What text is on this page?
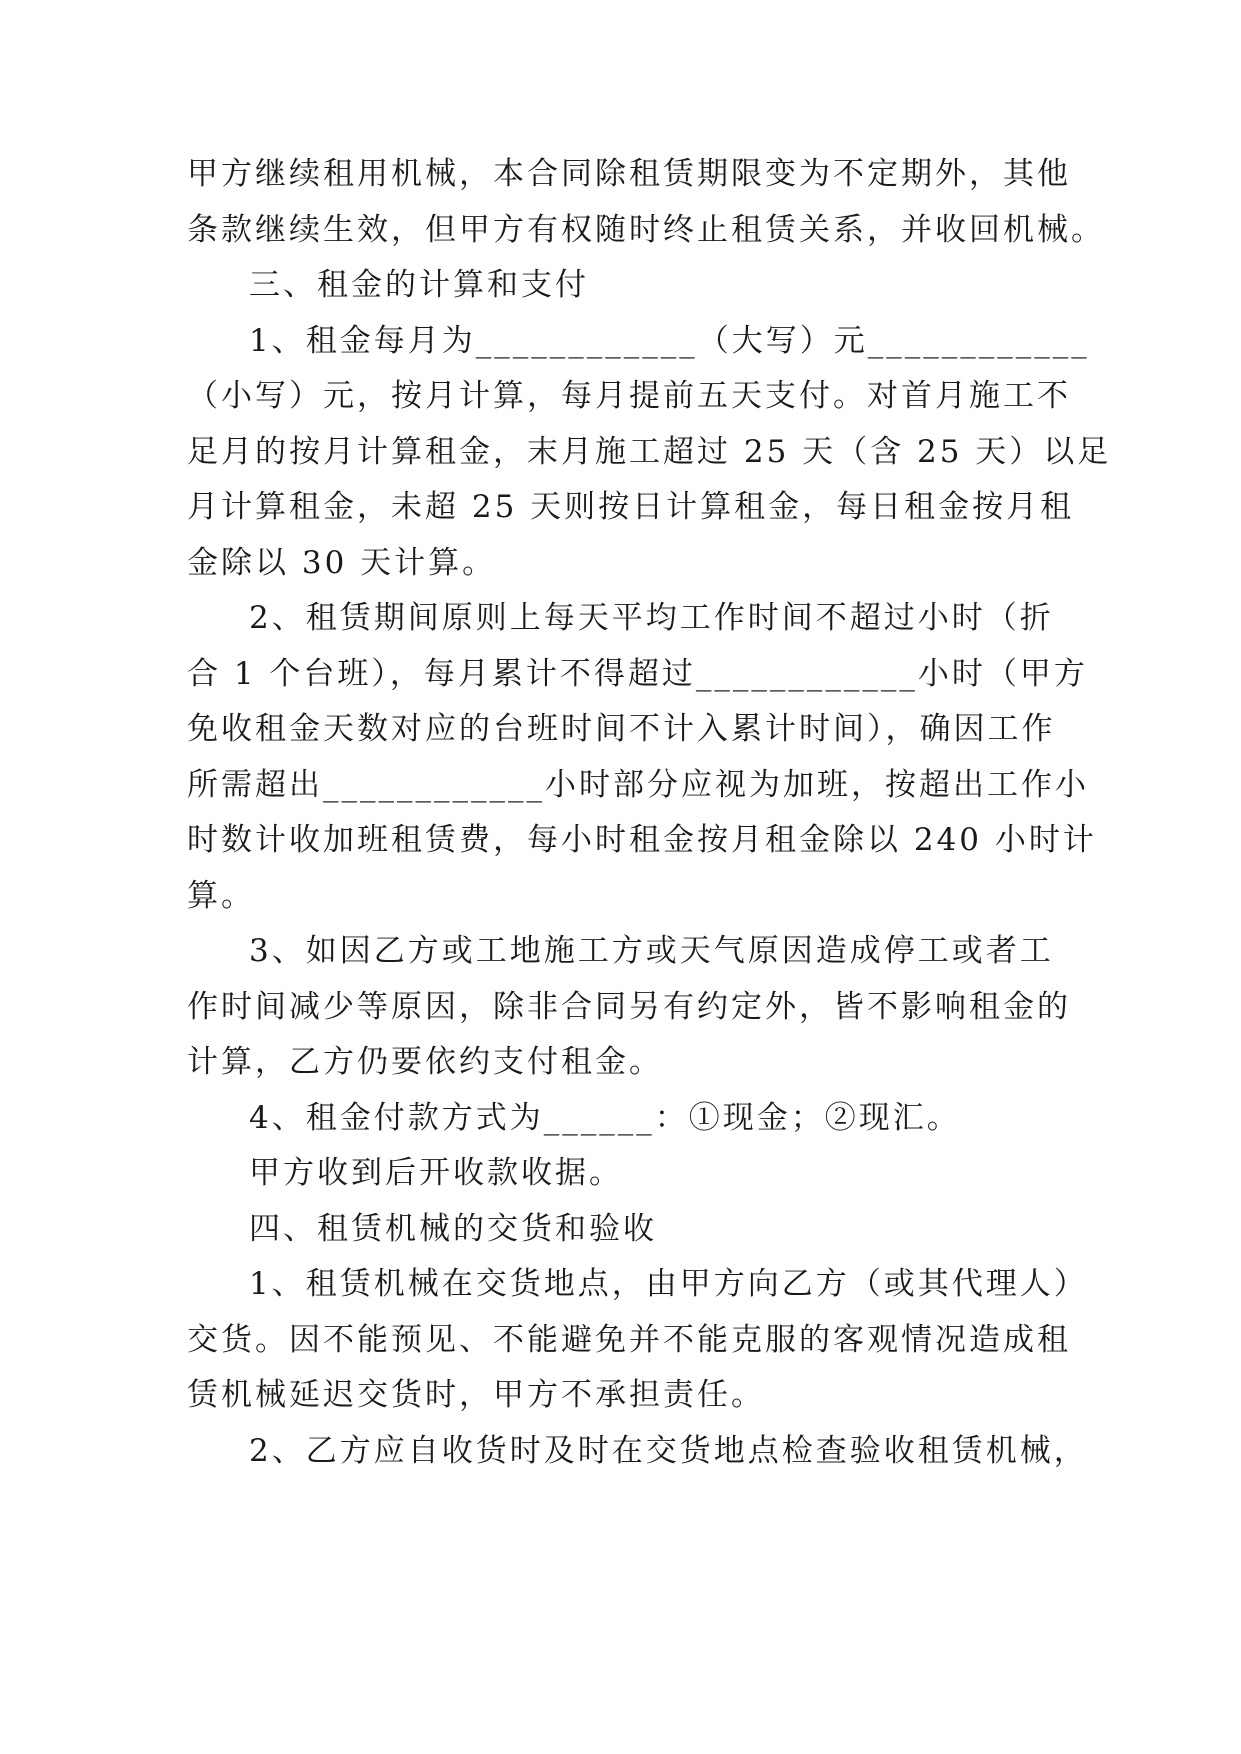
甲方继续租用机械，本合同除租赁期限变为不定期外，其他
条款继续生效，但甲方有权随时终止租赁关系，并收回机械。
三、租金的计算和支付
1、租金每月为____________（大写）元____________
（小写）元，按月计算，每月提前五天支付。对首月施工不
足月的按月计算租金，末月施工超过 25 天（含 25 天）以足
月计算租金，未超 25 天则按日计算租金，每日租金按月租
金除以 30 天计算。
2、租赁期间原则上每天平均工作时间不超过小时（折
合 1 个台班），每月累计不得超过____________小时（甲方
免收租金天数对应的台班时间不计入累计时间），确因工作
所需超出____________小时部分应视为加班，按超出工作小
时数计收加班租赁费，每小时租金按月租金除以 240 小时计
算。
3、如因乙方或工地施工方或天气原因造成停工或者工
作时间减少等原因，除非合同另有约定外，皆不影响租金的
计算，乙方仍要依约支付租金。
4、租金付款方式为______：①现金；②现汇。
甲方收到后开收款收据。
四、租赁机械的交货和验收
1、租赁机械在交货地点，由甲方向乙方（或其代理人）
交货。因不能预见、不能避免并不能克服的客观情况造成租
赁机械延迟交货时，甲方不承担责任。
2、乙方应自收货时及时在交货地点检查验收租赁机械，
